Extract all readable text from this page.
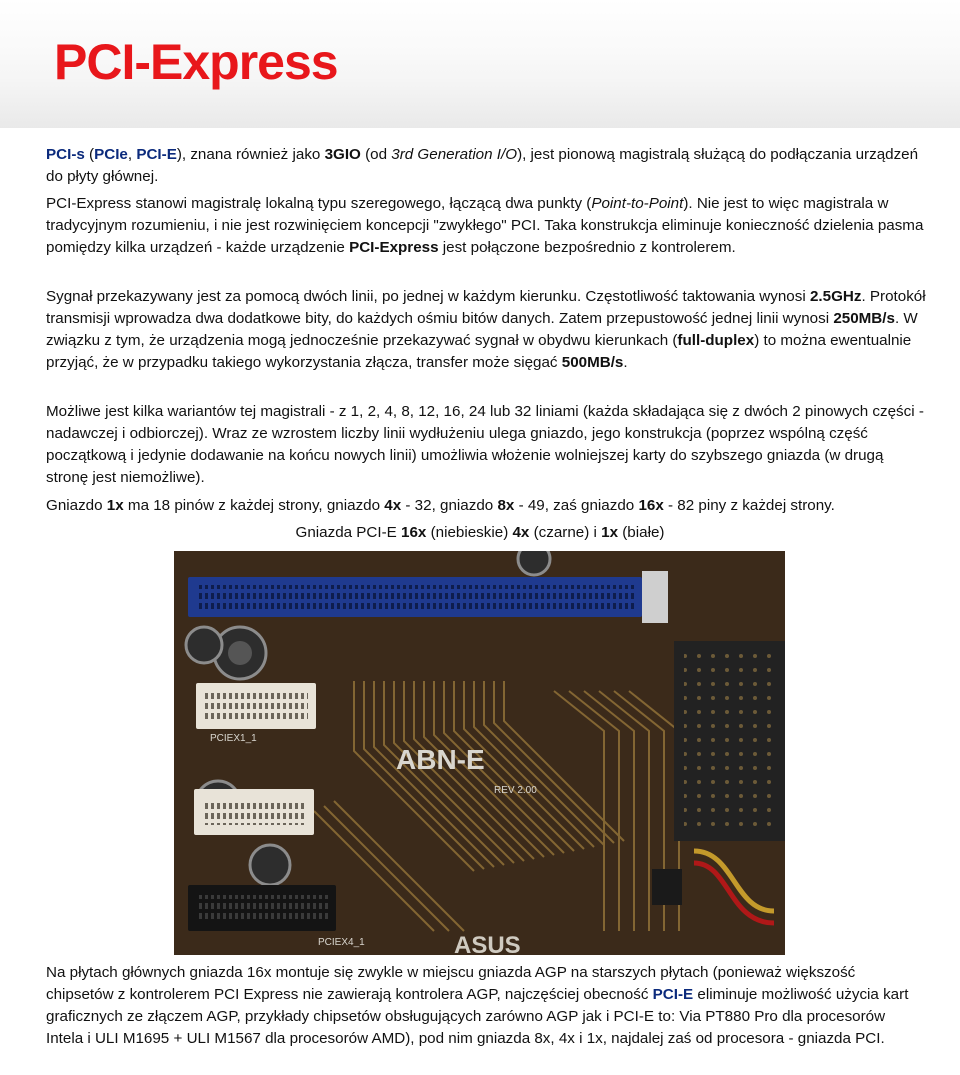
PCI-Express

PCI-s (PCIe, PCI-E), znana również jako 3GIO (od 3rd Generation I/O), jest pionową magistralą służącą do podłączania urządzeń do płyty głównej.

PCI-Express stanowi magistralę lokalną typu szeregowego, łączącą dwa punkty (Point-to-Point). Nie jest to więc magistrala w tradycyjnym rozumieniu, i nie jest rozwinięciem koncepcji "zwykłego" PCI. Taka konstrukcja eliminuje konieczność dzielenia pasma pomiędzy kilka urządzeń - każde urządzenie PCI-Express jest połączone bezpośrednio z kontrolerem.

Sygnał przekazywany jest za pomocą dwóch linii, po jednej w każdym kierunku. Częstotliwość taktowania wynosi 2.5GHz. Protokół transmisji wprowadza dwa dodatkowe bity, do każdych ośmiu bitów danych. Zatem przepustowość jednej linii wynosi 250MB/s. W związku z tym, że urządzenia mogą jednocześnie przekazywać sygnał w obydwu kierunkach (full-duplex) to można ewentualnie przyjąć, że w przypadku takiego wykorzystania złącza, transfer może sięgać 500MB/s.

Możliwe jest kilka wariantów tej magistrali - z 1, 2, 4, 8, 12, 16, 24 lub 32 liniami (każda składająca się z dwóch 2 pinowych części - nadawczej i odbiorczej). Wraz ze wzrostem liczby linii wydłużeniu ulega gniazdo, jego konstrukcja (poprzez wspólną część początkową i jedynie dodawanie na końcu nowych linii) umożliwia włożenie wolniejszej karty do szybszego gniazda (w drugą stronę jest niemożliwe).

Gniazdo 1x ma 18 pinów z każdej strony, gniazdo 4x - 32, gniazdo 8x - 49, zaś gniazdo 16x - 82 piny z każdej strony.

Gniazda PCI-E 16x (niebieskie) 4x (czarne) i 1x (białe)

ABN-E
REV 2.00
PCIEX1_1
PCIEX4_1	ASUS

Na płytach głównych gniazda 16x montuje się zwykle w miejscu gniazda AGP na starszych płytach (ponieważ większość chipsetów z kontrolerem PCI Express nie zawierają kontrolera AGP, najczęściej obecność PCI-E eliminuje możliwość użycia kart graficznych ze złączem AGP, przykłady chipsetów obsługujących zarówno AGP jak i PCI-E to: Via PT880 Pro dla procesorów Intela i ULI M1695 + ULI M1567 dla procesorów AMD), pod nim gniazda 8x, 4x i 1x, najdalej zaś od procesora - gniazda PCI.
